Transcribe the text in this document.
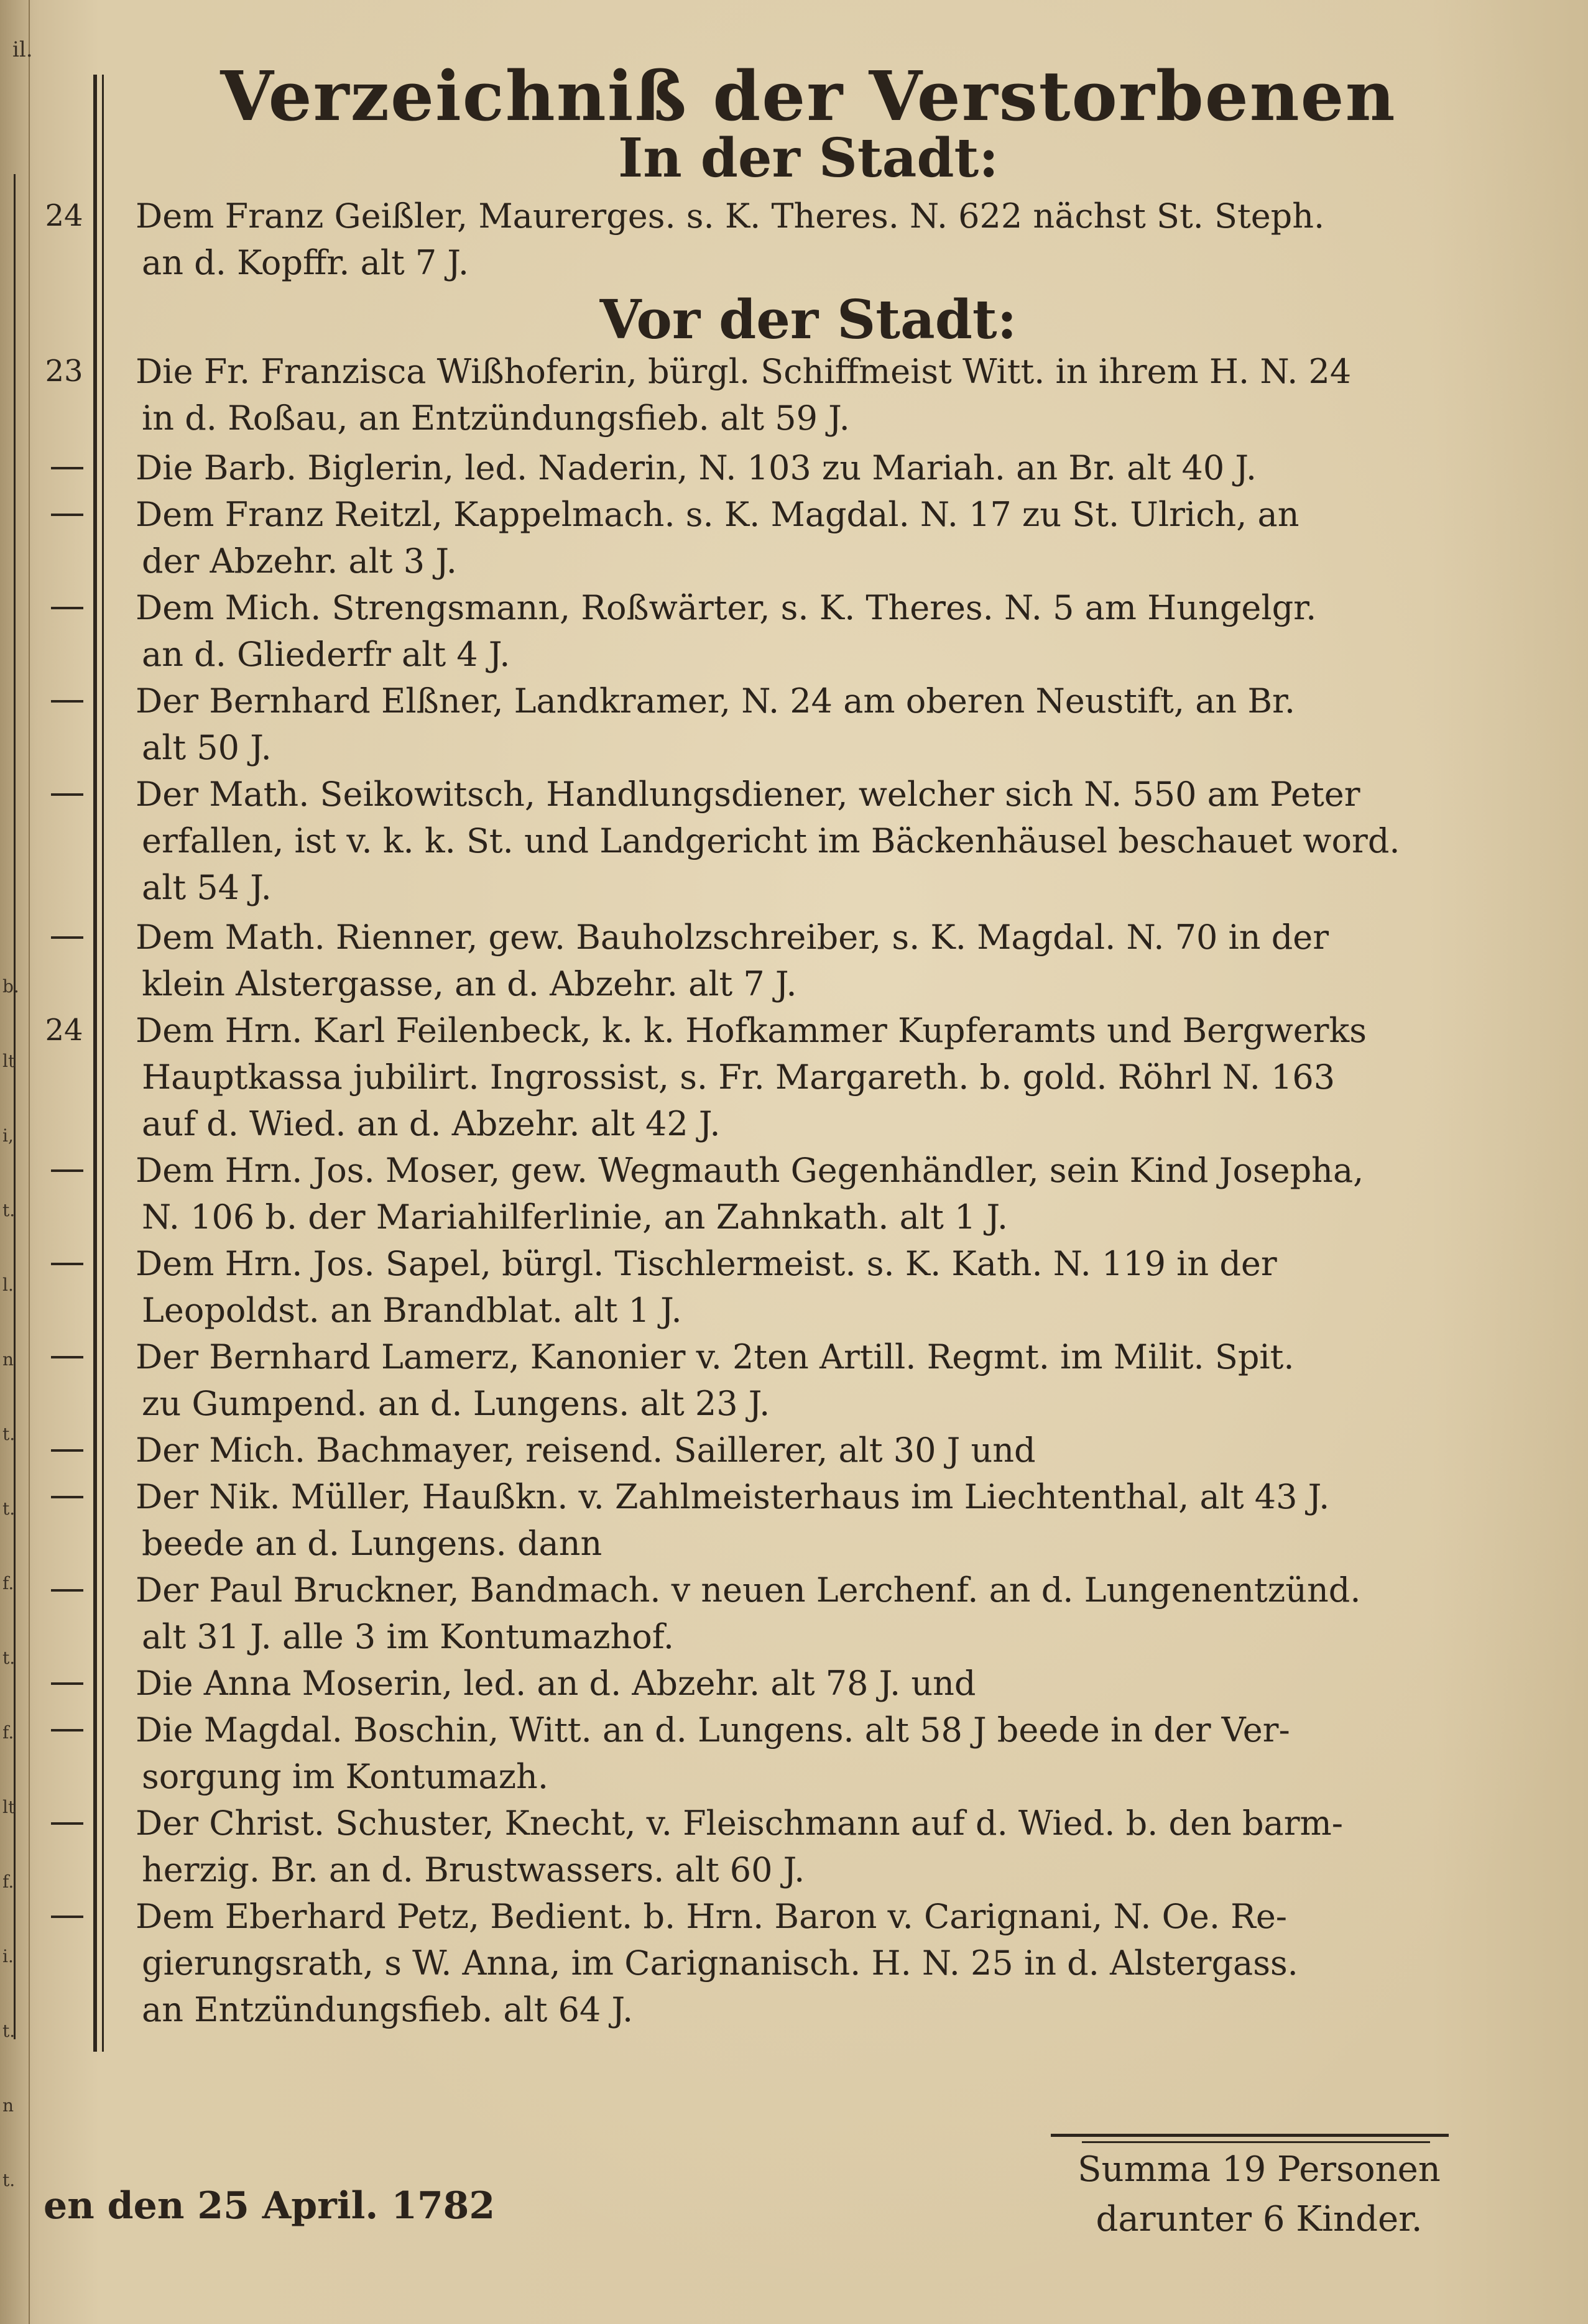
il.
Verzeichniß der Verstorbenen
In der Stadt:
Vor der Stadt:
24 Dem Franz Geißler, Maurerges. s. K. Theres. N. 622 nächst St. Steph.
an d. Kopffr. alt 7 J.
23 Die Fr. Franzisca Wißhoferin, bürgl. Schiffmeist Witt. in ihrem H. N. 24
in d. Roßau, an Entzündungsfieb. alt 59 J.
Die Barb. Biglerin, led. Naderin, N. 103 zu Mariah. an Br. alt 40 J.
Dem Franz Reitzl, Kappelmach. s. K. Magdal. N. 17 zu St. Ulrich, an
der Abzehr. alt 3 J.
Dem Mich. Strengsmann, Roßwärter, s. K. Theres. N. 5 am Hungelgr.
an d. Gliederfr alt 4 J.
Der Bernhard Elßner, Landkramer, N. 24 am oberen Neustift, an Br.
alt 50 J.
Der Math. Seikowitsch, Handlungsdiener, welcher sich N. 550 am Peter
erfallen, ist v. k. k. St. und Landgericht im Bäckenhäusel beschauet word.
alt 54 J.
Dem Math. Rienner, gew. Bauholzschreiber, s. K. Magdal. N. 70 in der
klein Alstergasse, an d. Abzehr. alt 7 J.
24 Dem Hrn. Karl Feilenbeck, k. k. Hofkammer Kupferamts und Bergwerks
Hauptkassa jubilirt. Ingrossist, s. Fr. Margareth. b. gold. Röhrl N. 163
auf d. Wied. an d. Abzehr. alt 42 J.
Dem Hrn. Jos. Moser, gew. Wegmauth Gegenhändler, sein Kind Josepha,
N. 106 b. der Mariahilferlinie, an Zahnkath. alt 1 J.
Dem Hrn. Jos. Sapel, bürgl. Tischlermeist. s. K. Kath. N. 119 in der
Leopoldst. an Brandblat. alt 1 J.
Der Bernhard Lamerz, Kanonier v. 2ten Artill. Regmt. im Milit. Spit.
zu Gumpend. an d. Lungens. alt 23 J.
Der Mich. Bachmayer, reisend. Saillerer, alt 30 J und
Der Nik. Müller, Haußkn. v. Zahlmeisterhaus im Liechtenthal, alt 43 J.
beede an d. Lungens. dann
Der Paul Bruckner, Bandmach. v neuen Lerchenf. an d. Lungenentzünd.
alt 31 J. alle 3 im Kontumazhof.
Die Anna Moserin, led. an d. Abzehr. alt 78 J. und
Die Magdal. Boschin, Witt. an d. Lungens. alt 58 J beede in der Ver-
sorgung im Kontumazh.
Der Christ. Schuster, Knecht, v. Fleischmann auf d. Wied. b. den barm-
herzig. Br. an d. Brustwassers. alt 60 J.
Dem Eberhard Petz, Bedient. b. Hrn. Baron v. Carignani, N. Oe. Re-
gierungsrath, s W. Anna, im Carignanisch. H. N. 25 in d. Alstergass.
an Entzündungsfieb. alt 64 J.
b.
lt
i,
t.
l.
n
t.
t.
f.
t.
f.
lt
f.
i.
t.
n
t.	Summa 19 Personen
darunter 6 Kinder.
en den 25 April. 1782
